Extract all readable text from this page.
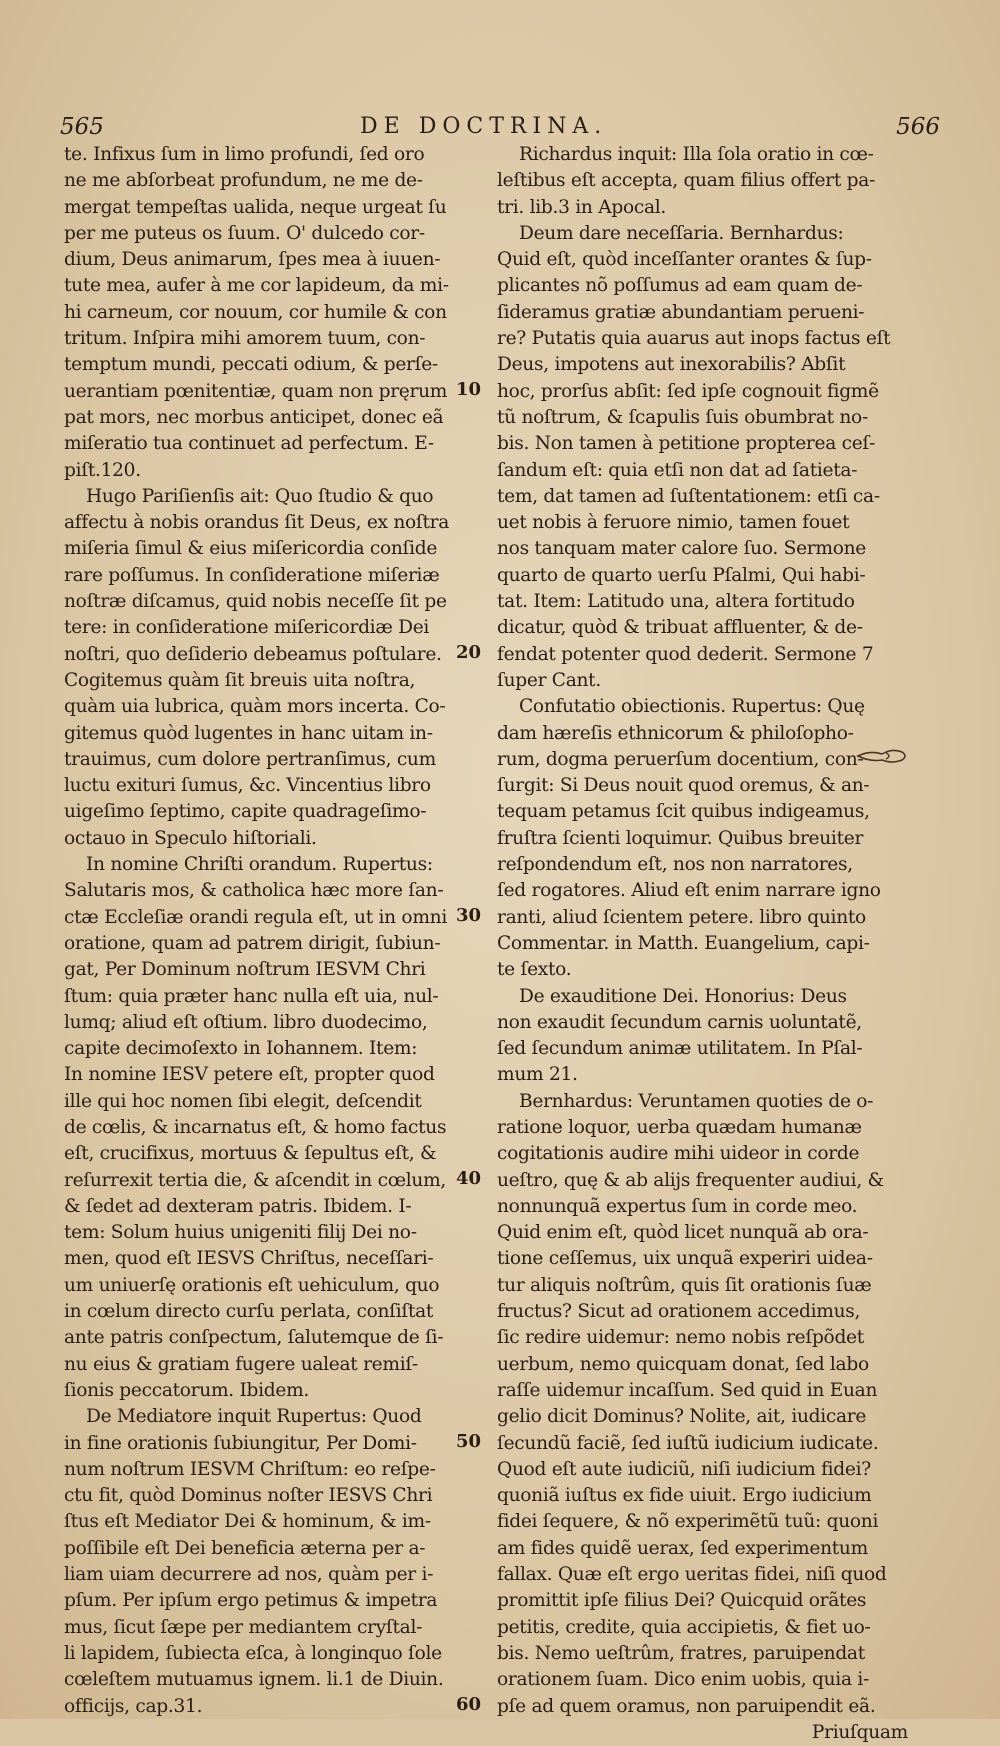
565	DE DOCTRINA.	566
te. Infixus ſum in limo profundi, ſed oro
ne me abſorbeat profundum, ne me de-
mergat tempeſtas ualida, neque urgeat ſu
per me puteus os ſuum. O' dulcedo cor-
dium, Deus animarum, ſpes mea à iuuen-
tute mea, aufer à me cor lapideum, da mi-
hi carneum, cor nouum, cor humile & con
tritum. Inſpira mihi amorem tuum, con-
temptum mundi, peccati odium, & perſe-
uerantiam pœnitentiæ, quam non pręrum
pat mors, nec morbus anticipet, donec eã
miſeratio tua continuet ad perfectum. E-
piſt.120.
Hugo Pariſienſis ait: Quo ſtudio & quo
affectu à nobis orandus ſit Deus, ex noſtra
miſeria ſimul & eius miſericordia conſide
rare poſſumus. In conſideratione miſeriæ
noſtræ diſcamus, quid nobis neceſſe ſit pe
tere: in conſideratione miſericordiæ Dei
noſtri, quo deſiderio debeamus poſtulare.
Cogitemus quàm ſit breuis uita noſtra,
quàm uia lubrica, quàm mors incerta. Co-
gitemus quòd lugentes in hanc uitam in-
trauimus, cum dolore pertranſimus, cum
luctu exituri ſumus, &c. Vincentius libro
uigeſimo ſeptimo, capite quadrageſimo-
octauo in Speculo hiſtoriali.
In nomine Chriſti orandum. Rupertus:
Salutaris mos, & catholica hæc more ſan-
ctæ Eccleſiæ orandi regula eſt, ut in omni
oratione, quam ad patrem dirigit, ſubiun-
gat, Per Dominum noſtrum IESVM Chri
ſtum: quia præter hanc nulla eſt uia, nul-
lumq; aliud eſt oſtium. libro duodecimo,
capite decimoſexto in Iohannem. Item:
In nomine IESV petere eſt, propter quod
ille qui hoc nomen ſibi elegit, deſcendit
de cœlis, & incarnatus eſt, & homo factus
eſt, crucifixus, mortuus & ſepultus eſt, &
reſurrexit tertia die, & aſcendit in cœlum,
& ſedet ad dexteram patris. Ibidem. I-
tem: Solum huius unigeniti filij Dei no-
men, quod eſt IESVS Chriſtus, neceſſari-
um uniuerſę orationis eſt uehiculum, quo
in cœlum directo curſu perlata, conſiſtat
ante patris conſpectum, ſalutemque de ſi-
nu eius & gratiam fugere ualeat remiſ-
ſionis peccatorum. Ibidem.
De Mediatore inquit Rupertus: Quod
in fine orationis ſubiungitur, Per Domi-
num noſtrum IESVM Chriſtum: eo reſpe-
ctu fit, quòd Dominus noſter IESVS Chri
ſtus eſt Mediator Dei & hominum, & im-
poſſibile eſt Dei beneficia æterna per a-
liam uiam decurrere ad nos, quàm per i-
pſum. Per ipſum ergo petimus & impetra
mus, ſicut ſæpe per mediantem cryſtal-
li lapidem, ſubiecta eſca, à longinquo ſole
cœleſtem mutuamus ignem. li.1 de Diuin.
officijs, cap.31.
10
20
30
40
50
60
Richardus inquit: Illa ſola oratio in cœ-
leſtibus eſt accepta, quam filius offert pa-
tri. lib.3 in Apocal.
Deum dare neceſſaria. Bernhardus:
Quid eſt, quòd inceſſanter orantes & ſup-
plicantes nõ poſſumus ad eam quam de-
ſideramus gratiæ abundantiam perueni-
re? Putatis quia auarus aut inops factus eſt
Deus, impotens aut inexorabilis? Abſit
hoc, prorſus abſit: ſed ipſe cognouit figmẽ
tũ noſtrum, & ſcapulis ſuis obumbrat no-
bis. Non tamen à petitione propterea ceſ-
ſandum eſt: quia etſi non dat ad ſatieta-
tem, dat tamen ad ſuſtentationem: etſi ca-
uet nobis à feruore nimio, tamen fouet
nos tanquam mater calore ſuo. Sermone
quarto de quarto uerſu Pſalmi, Qui habi-
tat. Item: Latitudo una, altera fortitudo
dicatur, quòd & tribuat affluenter, & de-
fendat potenter quod dederit. Sermone 7
ſuper Cant.
Confutatio obiectionis. Rupertus: Quę
dam hæreſis ethnicorum & philoſopho-
rum, dogma peruerſum docentium, con-
ſurgit: Si Deus nouit quod oremus, & an-
tequam petamus ſcit quibus indigeamus,
fruſtra ſcienti loquimur. Quibus breuiter
reſpondendum eſt, nos non narratores,
ſed rogatores. Aliud eſt enim narrare igno
ranti, aliud ſcientem petere. libro quinto
Commentar. in Matth. Euangelium, capi-
te ſexto.
De exauditione Dei. Honorius: Deus
non exaudit ſecundum carnis uoluntatẽ,
ſed ſecundum animæ utilitatem. In Pſal-
mum 21.
Bernhardus: Veruntamen quoties de o-
ratione loquor, uerba quædam humanæ
cogitationis audire mihi uideor in corde
ueſtro, quę & ab alijs frequenter audiui, &
nonnunquã expertus ſum in corde meo.
Quid enim eſt, quòd licet nunquã ab ora-
tione ceſſemus, uix unquã experiri uidea-
tur aliquis noſtrûm, quis ſit orationis ſuæ
fructus? Sicut ad orationem accedimus,
ſic redire uidemur: nemo nobis reſpõdet
uerbum, nemo quicquam donat, ſed labo
raſſe uidemur incaſſum. Sed quid in Euan
gelio dicit Dominus? Nolite, ait, iudicare
ſecundũ faciẽ, ſed iuſtũ iudicium iudicate.
Quod eſt aute iudiciũ, niſi iudicium fidei?
quoniã iuſtus ex fide uiuit. Ergo iudicium
fidei ſequere, & nõ experimẽtũ tuũ: quoni
am fides quidẽ uerax, ſed experimentum
fallax. Quæ eſt ergo ueritas fidei, niſi quod
promittit ipſe filius Dei? Quicquid orãtes
petitis, credite, quia accipietis, & fiet uo-
bis. Nemo ueſtrûm, fratres, paruipendat
orationem ſuam. Dico enim uobis, quia i-
pſe ad quem oramus, non paruipendit eã.
Priuſquam
